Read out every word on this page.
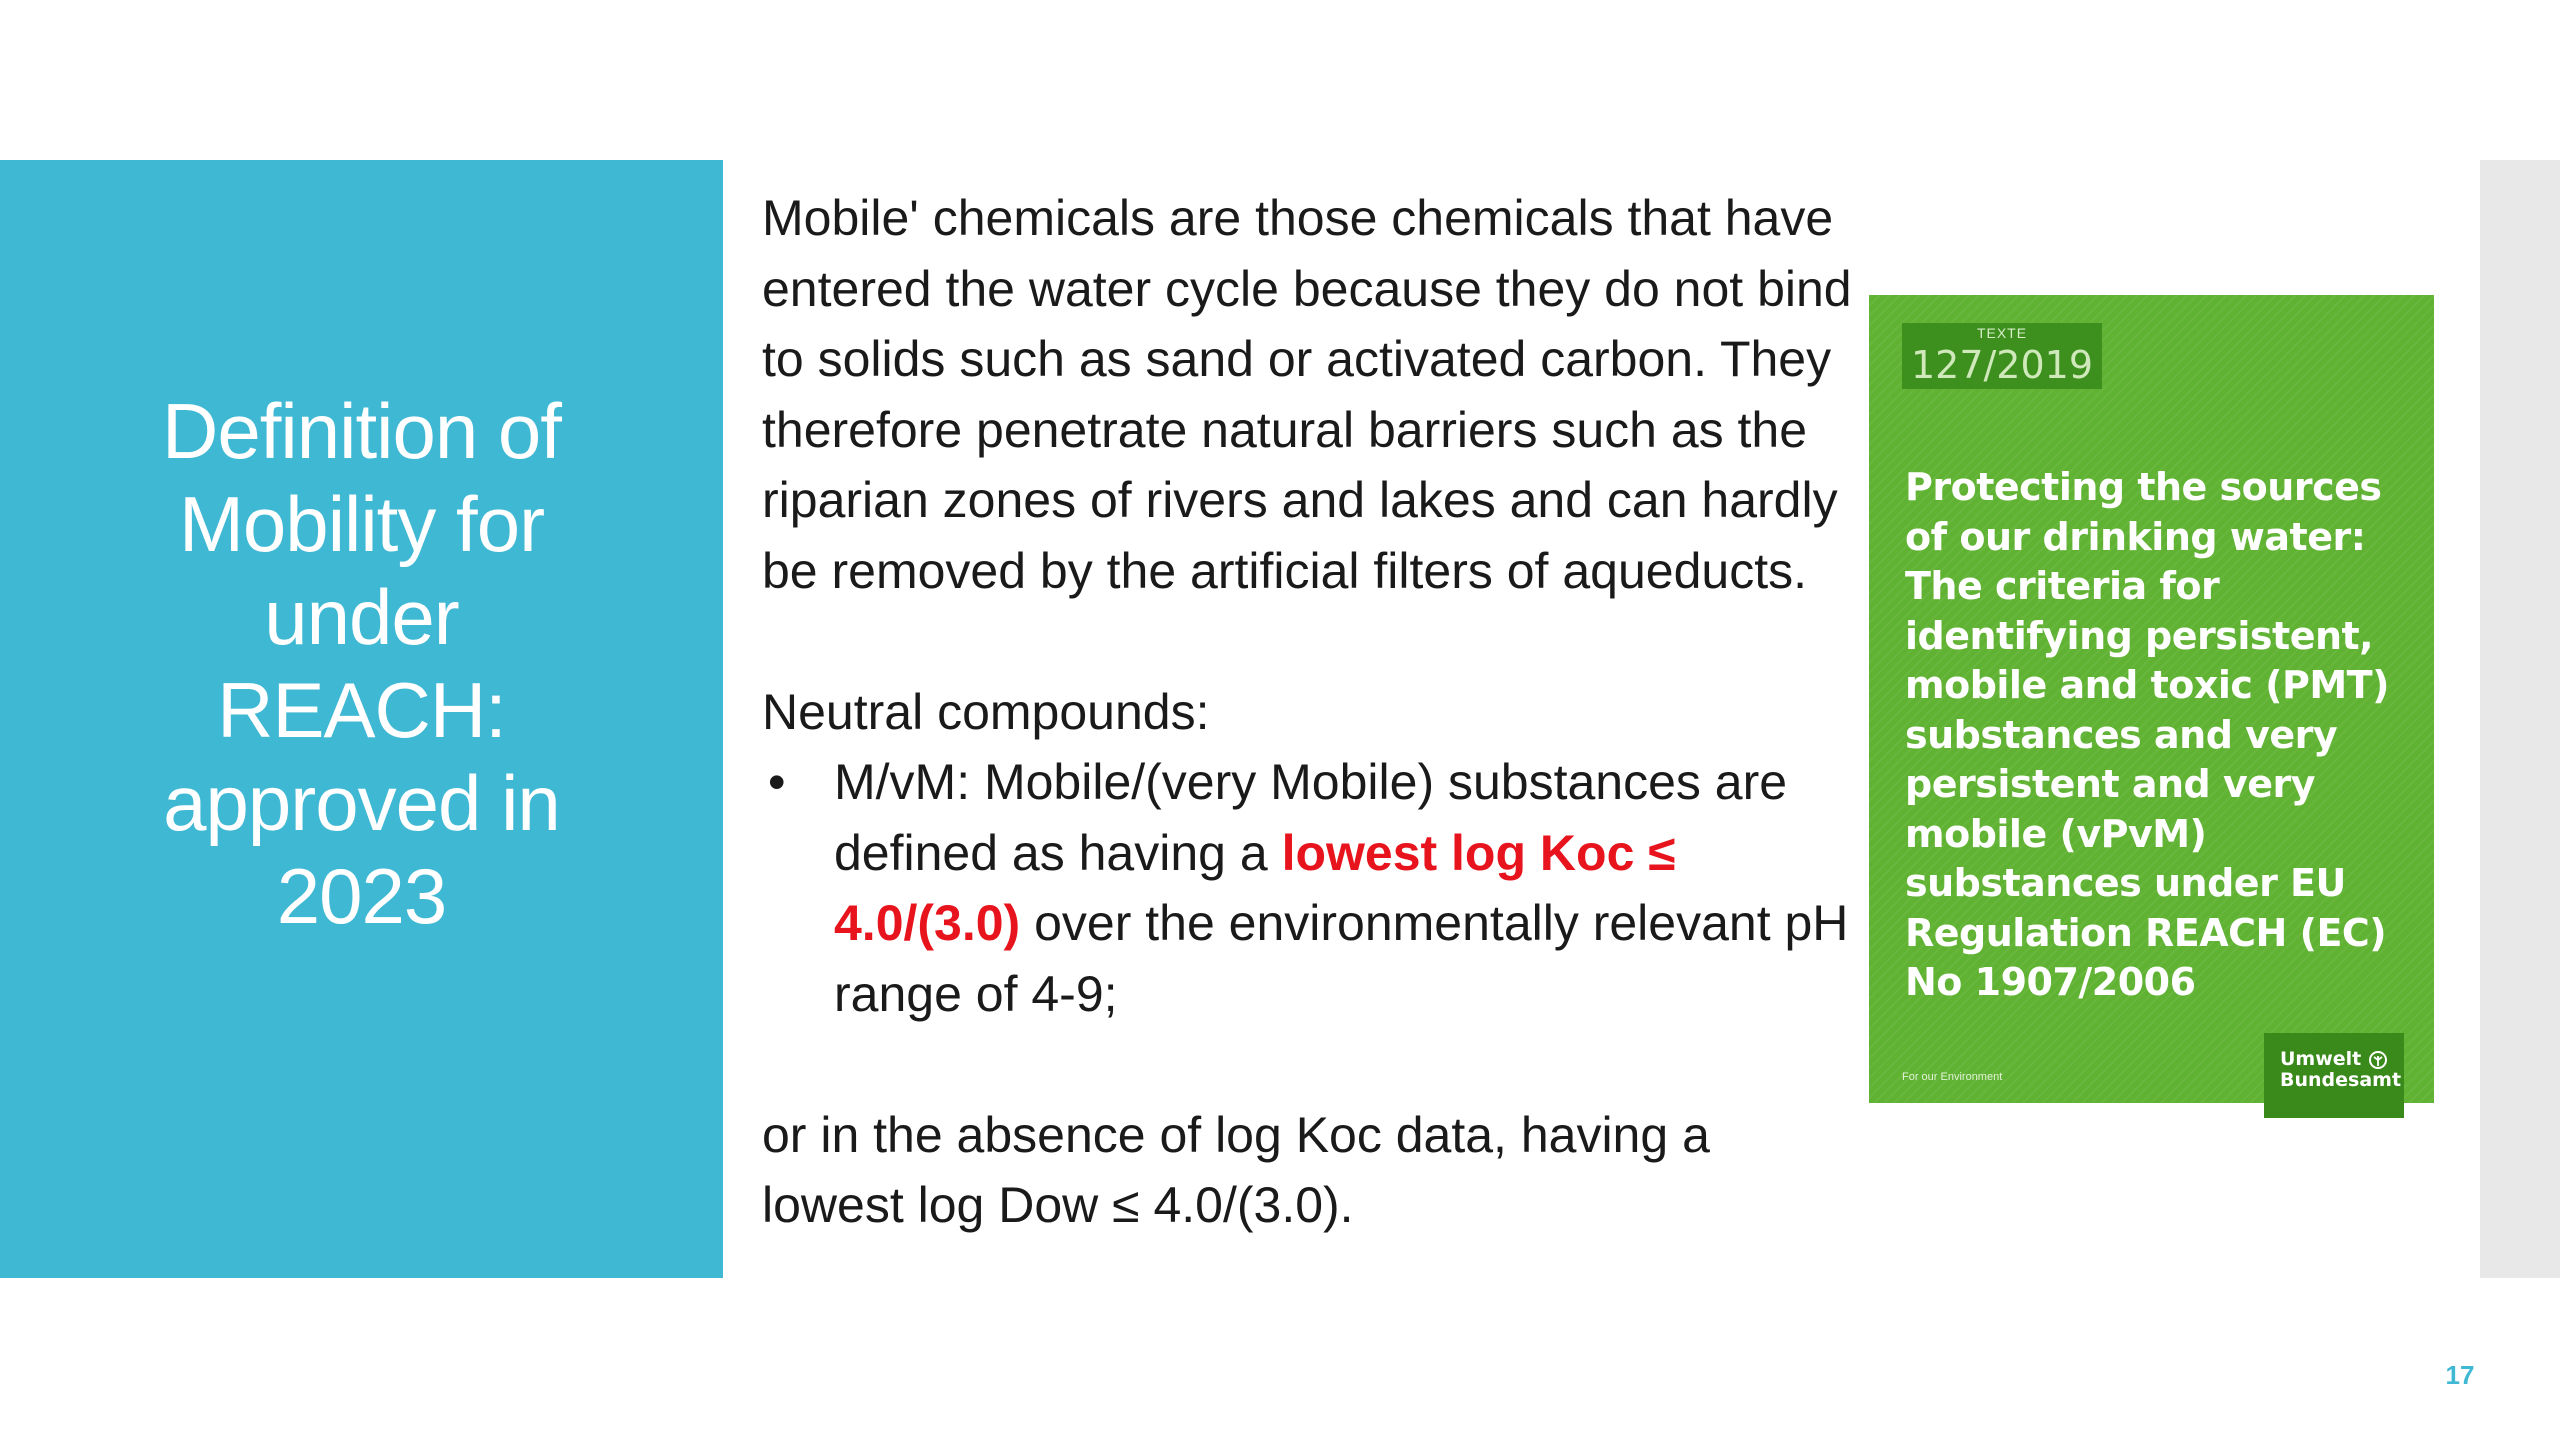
Definition of
Mobility for
under
REACH:
approved in
2023

Mobile' chemicals are those chemicals that have entered the water cycle because they do not bind to solids such as sand or activated carbon. They therefore penetrate natural barriers such as the riparian zones of rivers and lakes and can hardly be removed by the artificial filters of aqueducts.

Neutral compounds:

• M/vM: Mobile/(very Mobile) substances are defined as having a lowest log Koc ≤ 4.0/(3.0) over the environmentally relevant pH range of 4-9;

or in the absence of log Koc data, having a lowest log Dow ≤ 4.0/(3.0).

TEXTE
127/2019
Protecting the sources of our drinking water: The criteria for identifying persistent, mobile and toxic (PMT) substances and very persistent and very mobile (vPvM) substances under EU Regulation REACH (EC) No 1907/2006
For our Environment
Umwelt
Bundesamt
17
